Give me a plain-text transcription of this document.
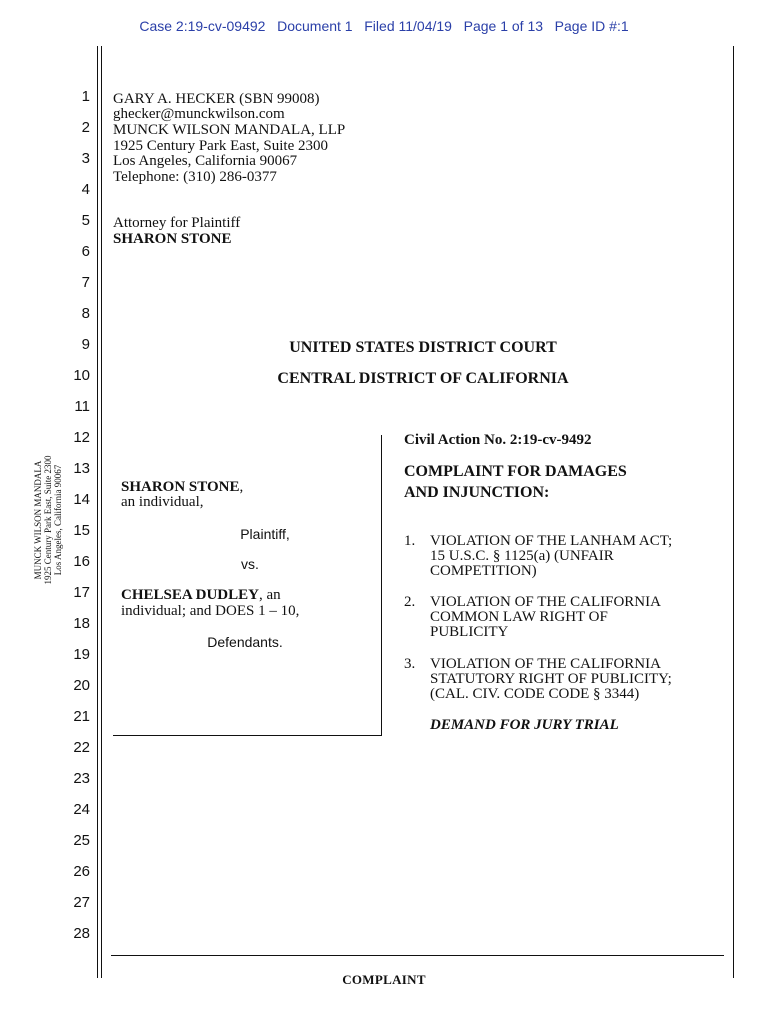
Case 2:19-cv-09492   Document 1   Filed 11/04/19   Page 1 of 13   Page ID #:1
1
2
3
4
5
6
7
8
9
10
11
12
13
14
15
16
17
18
19
20
21
22
23
24
25
26
27
28
MUNCK WILSON MANDALA 1925 Century Park East, Suite 2300 Los Angeles, California 90067
GARY A. HECKER (SBN 99008)
ghecker@munckwilson.com
MUNCK WILSON MANDALA, LLP
1925 Century Park East, Suite 2300
Los Angeles, California 90067
Telephone: (310) 286-0377
Attorney for Plaintiff
SHARON STONE
UNITED STATES DISTRICT COURT
CENTRAL DISTRICT OF CALIFORNIA
SHARON STONE,
an individual,
Plaintiff,
vs.
CHELSEA DUDLEY, an
individual; and DOES 1 – 10,
Defendants.
Civil Action No. 2:19-cv-9492
COMPLAINT FOR DAMAGES
AND INJUNCTION:
1. VIOLATION OF THE LANHAM ACT;
15 U.S.C. § 1125(a) (UNFAIR
COMPETITION)
2. VIOLATION OF THE CALIFORNIA
COMMON LAW RIGHT OF
PUBLICITY
3. VIOLATION OF THE CALIFORNIA
STATUTORY RIGHT OF PUBLICITY;
(CAL. CIV. CODE CODE § 3344)
DEMAND FOR JURY TRIAL
COMPLAINT
